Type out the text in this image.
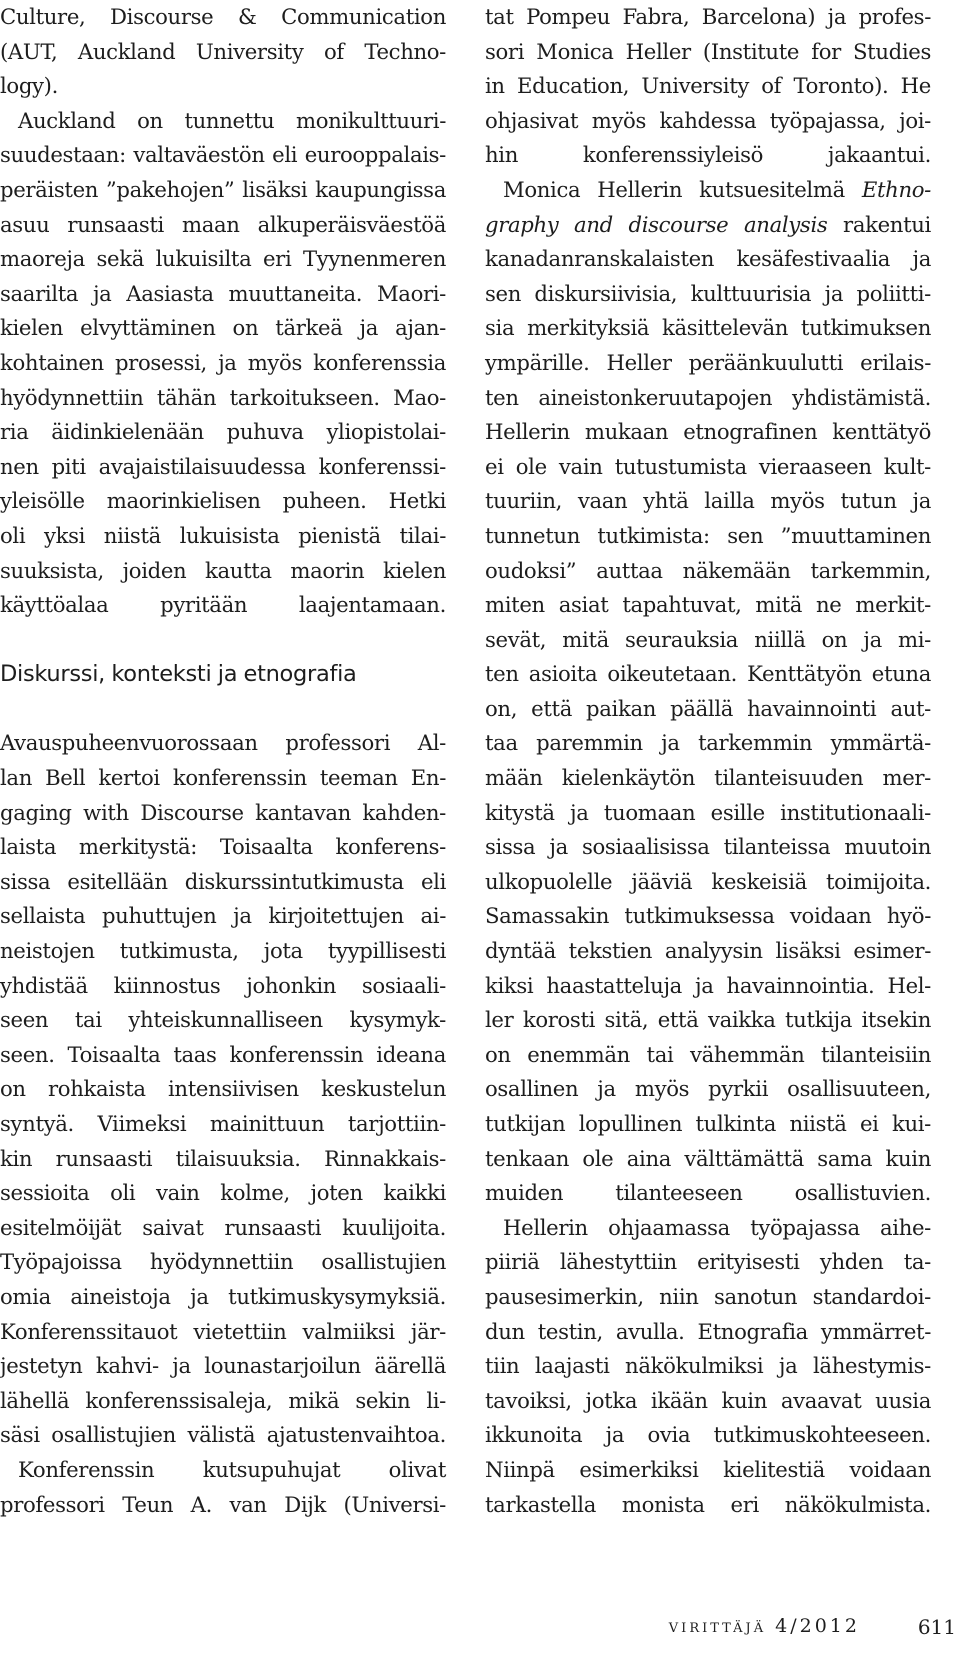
Culture, Discourse & Communication
(AUT, Auckland University of Techno-
logy).
Auckland on tunnettu monikulttuuri-
suudestaan: valtaväestön eli eurooppalais-
peräisten ”pakehojen” lisäksi kaupungissa
asuu runsaasti maan alkuperäisväestöä
maoreja sekä lukuisilta eri Tyynenmeren
saarilta ja Aasiasta muuttaneita. Maori-
kielen elvyttäminen on tärkeä ja ajan-
kohtainen prosessi, ja myös konferenssia
hyödynnettiin tähän tarkoitukseen. Mao-
ria äidinkielenään puhuva yliopistolai-
nen piti avajaistilaisuudessa konferenssi-
yleisölle maorinkielisen puheen. Hetki
oli yksi niistä lukuisista pienistä tilai-
suuksista, joiden kautta maorin kielen
käyttöalaa pyritään laajentamaan.
Diskurssi, konteksti ja etnografia
Avauspuheenvuorossaan professori Al-
lan Bell kertoi konferenssin teeman En-
gaging with Discourse kantavan kahden-
laista merkitystä: Toisaalta konferens-
sissa esitellään diskurssintutkimusta eli
sellaista puhuttujen ja kirjoitettujen ai-
neistojen tutkimusta, jota tyypillisesti
yhdistää kiinnostus johonkin sosiaali-
seen tai yhteiskunnalliseen kysymyk-
seen. Toisaalta taas konferenssin ideana
on rohkaista intensiivisen keskustelun
syntyä. Viimeksi mainittuun tarjottiin-
kin runsaasti tilaisuuksia. Rinnakkais-
sessioita oli vain kolme, joten kaikki
esitelmöijät saivat runsaasti kuulijoita.
Työpajoissa hyödynnettiin osallistujien
omia aineistoja ja tutkimuskysymyksiä.
Konferenssitauot vietettiin valmiiksi jär-
jestetyn kahvi- ja lounastarjoilun äärellä
lähellä konferenssisaleja, mikä sekin li-
säsi osallistujien välistä ajatustenvaihtoa.
Konferenssin kutsupuhujat olivat
professori Teun A. van Dijk (Universi-
tat Pompeu Fabra, Barcelona) ja profes-
sori Monica Heller (Institute for Studies
in Education, University of Toronto). He
ohjasivat myös kahdessa työpajassa, joi-
hin konferenssiyleisö jakaantui.
Monica Hellerin kutsuesitelmä Ethno-
graphy and discourse analysis rakentui
kanadanranskalaisten kesäfestivaalia ja
sen diskursiivisia, kulttuurisia ja poliitti-
sia merkityksiä käsittelevän tutkimuksen
ympärille. Heller peräänkuulutti erilais-
ten aineistonkeruutapojen yhdistämistä.
Hellerin mukaan etnografinen kenttätyö
ei ole vain tutustumista vieraaseen kult-
tuuriin, vaan yhtä lailla myös tutun ja
tunnetun tutkimista: sen ”muuttaminen
oudoksi” auttaa näkemään tarkemmin,
miten asiat tapahtuvat, mitä ne merkit-
sevät, mitä seurauksia niillä on ja mi-
ten asioita oikeutetaan. Kenttätyön etuna
on, että paikan päällä havainnointi aut-
taa paremmin ja tarkemmin ymmärtä-
mään kielenkäytön tilanteisuuden mer-
kitystä ja tuomaan esille institutionaali-
sissa ja sosiaalisissa tilanteissa muutoin
ulkopuolelle jääviä keskeisiä toimijoita.
Samassakin tutkimuksessa voidaan hyö-
dyntää tekstien analyysin lisäksi esimer-
kiksi haastatteluja ja havainnointia. Hel-
ler korosti sitä, että vaikka tutkija itsekin
on enemmän tai vähemmän tilanteisiin
osallinen ja myös pyrkii osallisuuteen,
tutkijan lopullinen tulkinta niistä ei kui-
tenkaan ole aina välttämättä sama kuin
muiden tilanteeseen osallistuvien.
Hellerin ohjaamassa työpajassa aihe-
piiriä lähestyttiin erityisesti yhden ta-
pausesimerkin, niin sanotun standardoi-
dun testin, avulla. Etnografia ymmärret-
tiin laajasti näkökulmiksi ja lähestymis-
tavoiksi, jotka ikään kuin avaavat uusia
ikkunoita ja ovia tutkimuskohteeseen.
Niinpä esimerkiksi kielitestiä voidaan
tarkastella monista eri näkökulmista.
virittäjä 4/2012	611
